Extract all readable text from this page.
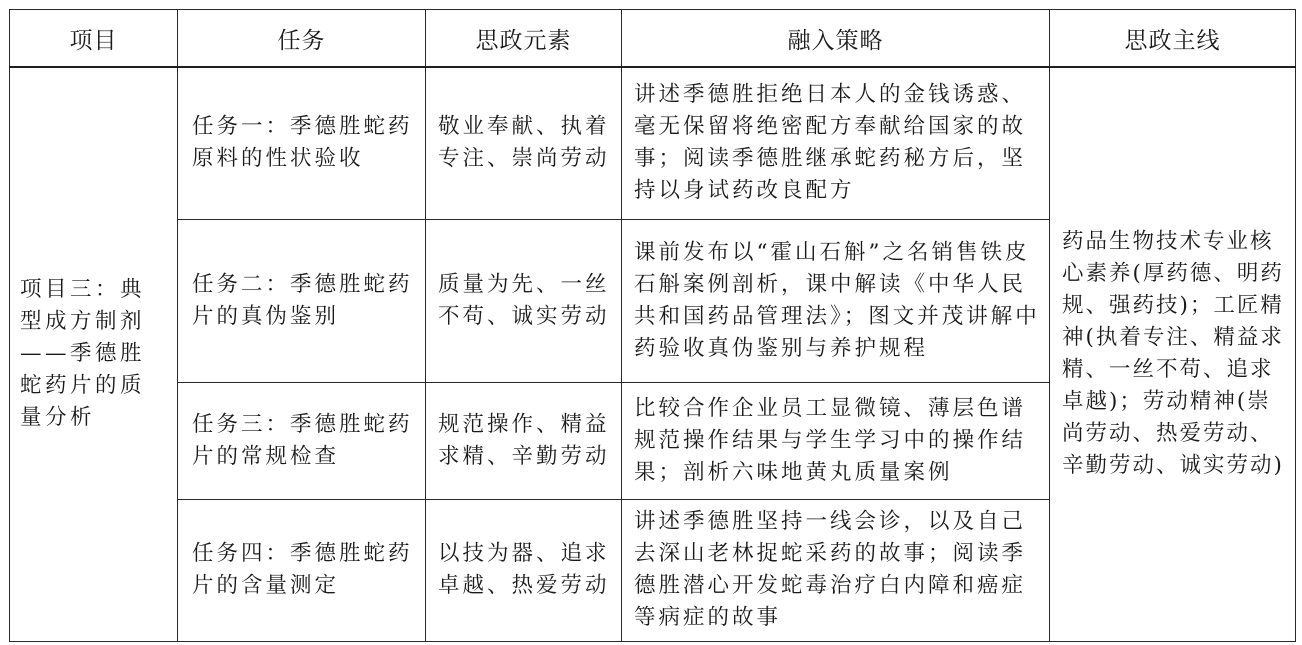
项目	任务	思政元素	融入策略	思政主线
项目三：典型成方制剂——季德胜蛇药片的质量分析	任务一：季德胜蛇药原料的性状验收	敬业奉献、执着专注、崇尚劳动	讲述季德胜拒绝日本人的金钱诱惑、毫无保留将绝密配方奉献给国家的故事；阅读季德胜继承蛇药秘方后，坚持以身试药改良配方	药品生物技术专业核心素养(厚药德、明药规、强药技)；工匠精神(执着专注、精益求精、一丝不苟、追求卓越)；劳动精神(崇尚劳动、热爱劳动、辛勤劳动、诚实劳动)
	任务二：季德胜蛇药片的真伪鉴别	质量为先、一丝不苟、诚实劳动	课前发布以“霍山石斛”之名销售铁皮石斛案例剖析，课中解读《中华人民共和国药品管理法》；图文并茂讲解中药验收真伪鉴别与养护规程	
	任务三：季德胜蛇药片的常规检查	规范操作、精益求精、辛勤劳动	比较合作企业员工显微镜、薄层色谱规范操作结果与学生学习中的操作结果；剖析六味地黄丸质量案例	
	任务四：季德胜蛇药片的含量测定	以技为器、追求卓越、热爱劳动	讲述季德胜坚持一线会诊，以及自己去深山老林捉蛇采药的故事；阅读季德胜潜心开发蛇毒治疗白内障和癌症等病症的故事	
